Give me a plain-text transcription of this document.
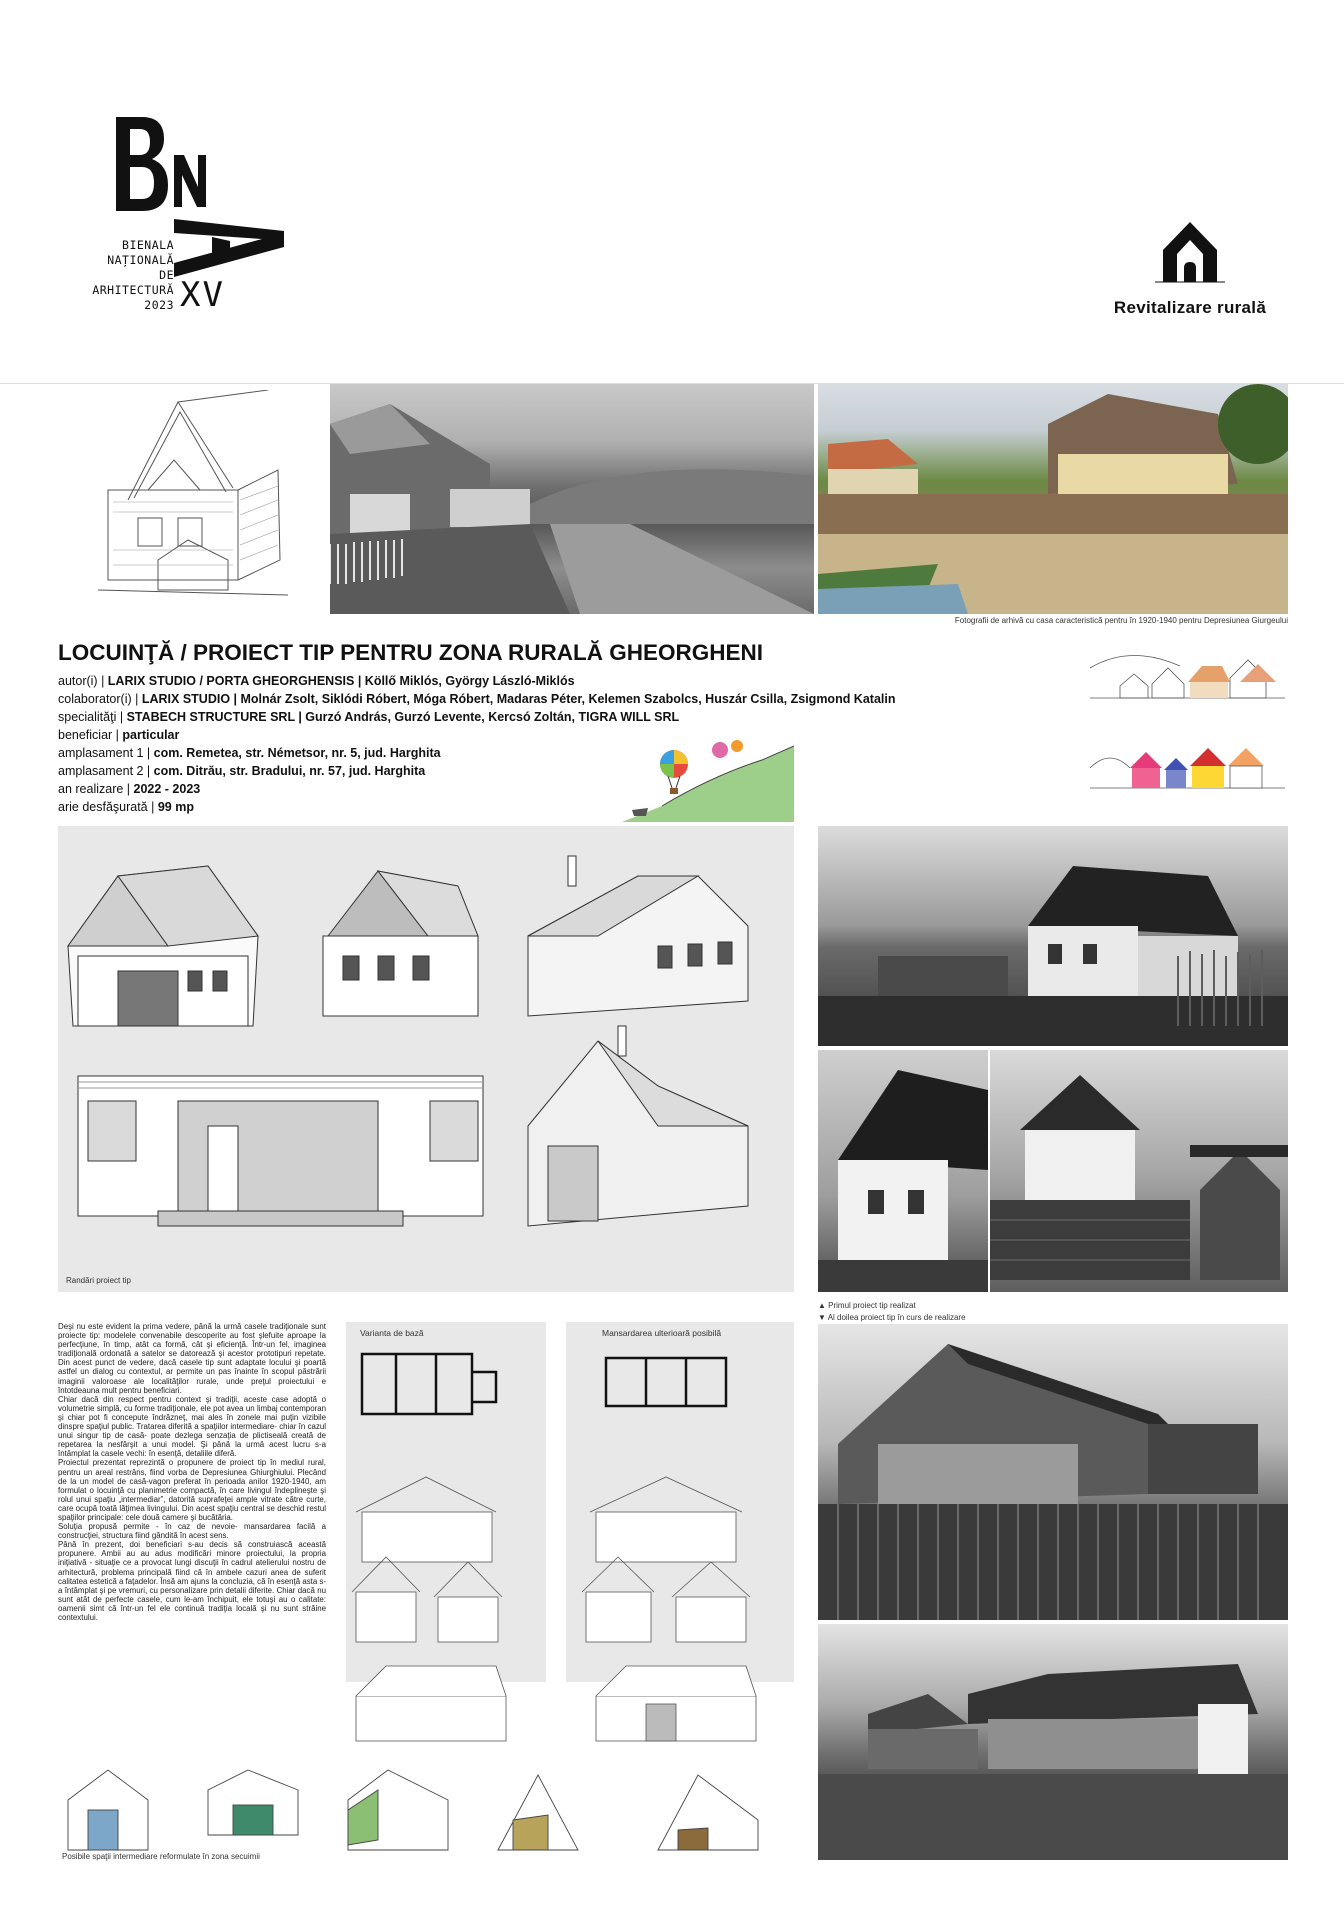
BIENALA
NAȚIONALĂ
DE
ARHITECTURĂ
2023 XV	Revitalizare rurală
Fotografii de arhivă cu casa caracteristică pentru în 1920-1940 pentru Depresiunea Giurgeului
LOCUINŢĂ / PROIECT TIP PENTRU ZONA RURALĂ GHEORGHENI
autor(i) | LARIX STUDIO / PORTA GHEORGHENSIS | Köllő Miklós, György László-Miklós
colaborator(i) | LARIX STUDIO | Molnár Zsolt, Siklódi Róbert, Móga Róbert, Madaras Péter, Kelemen Szabolcs, Huszár Csilla, Zsigmond Katalin
specialităţi | STABECH STRUCTURE SRL | Gurzó András, Gurzó Levente, Kercsó Zoltán, TIGRA WILL SRL
beneficiar | particular
amplasament 1 | com. Remetea, str. Németsor, nr. 5, jud. Harghita
amplasament 2 | com. Ditrău, str. Bradului, nr. 57, jud. Harghita
an realizare | 2022 - 2023
arie desfăşurată | 99 mp
Randări proiect tip
▲ Primul proiect tip realizat
▼ Al doilea proiect tip în curs de realizare

Deşi nu este evident la prima vedere, până la urmă casele tradiţionale sunt proiecte tip: modelele convenabile descoperite au fost şlefuite aproape la perfecţiune, în timp, atât ca formă, cât şi eficienţă. Într-un fel, imaginea tradiţională ordonată a satelor se datorează şi acestor prototipuri repetate. Din acest punct de vedere, dacă casele tip sunt adaptate locului şi poartă astfel un dialog cu contextul, ar permite un pas înainte în scopul păstrării imaginii valoroase ale localităţilor rurale, unde preţul proiectului e întotdeauna mult pentru beneficiari.

Chiar dacă din respect pentru context şi tradiţii, aceste case adoptă o volumetrie simplă, cu forme tradiţionale, ele pot avea un limbaj contemporan şi chiar pot fi concepute îndrăzneţ, mai ales în zonele mai puţin vizibile dinspre spaţiul public. Tratarea diferită a spaţiilor intermediare- chiar în cazul unui singur tip de casă- poate dezlega senzaţia de plictiseală creată de repetarea la nesfârşit a unui model. Şi până la urmă acest lucru s-a întâmplat la casele vechi: în esenţă, detaliile diferă.

Proiectul prezentat reprezintă o propunere de proiect tip în mediul rural, pentru un areal restrâns, fiind vorba de Depresiunea Ghiurghiului. Plecând de la un model de casă-vagon preferat în perioada anilor 1920-1940, am formulat o locuinţă cu planimetrie compactă, în care livingul îndeplineşte şi rolul unui spaţiu „intermediar”, datorită suprafeţei ample vitrate către curte, care ocupă toată lăţimea livingului. Din acest spaţiu central se deschid restul spaţiilor principale: cele două camere şi bucătăria.

Soluţia propusă permite - în caz de nevoie- mansardarea facilă a construcţiei, structura fiind gândită în acest sens.

Până în prezent, doi beneficiari s-au decis să construiască această propunere. Ambii au au adus modificări minore proiectului, la propria iniţiativă - situaţie ce a provocat lungi discuţii în cadrul atelierului nostru de arhitectură, problema principală fiind că în ambele cazuri anea de suferit calitatea estetică a faţadelor. Însă am ajuns la concluzia, că în esenţă asta s-a întâmplat şi pe vremuri, cu personalizare prin detalii diferite. Chiar dacă nu sunt atât de perfecte casele, cum le-am închipuit, ele totuşi au o calitate: oamenii simt că într-un fel ele continuă tradiţia locală şi nu sunt străine contextului.

Varianta de bază	Mansardarea ulterioară posibilă
Posibile spaţii intermediare reformulate în zona secuimii
